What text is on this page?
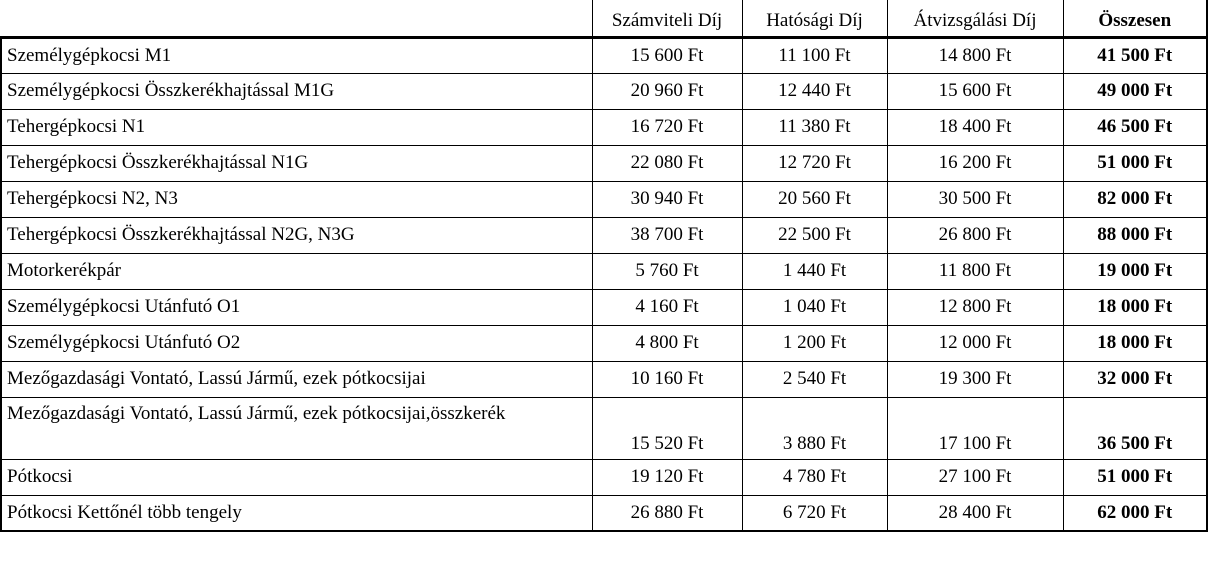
	Számviteli Díj	Hatósági Díj	Átvizsgálási Díj	Összesen
Személygépkocsi M1	15 600 Ft	11 100 Ft	14 800 Ft	41 500 Ft
Személygépkocsi Összkerékhajtással M1G	20 960 Ft	12 440 Ft	15 600 Ft	49 000 Ft
Tehergépkocsi N1	16 720 Ft	11 380 Ft	18 400 Ft	46 500 Ft
Tehergépkocsi Összkerékhajtással N1G	22 080 Ft	12 720 Ft	16 200 Ft	51 000 Ft
Tehergépkocsi N2, N3	30 940 Ft	20 560 Ft	30 500 Ft	82 000 Ft
Tehergépkocsi Összkerékhajtással N2G, N3G	38 700 Ft	22 500 Ft	26 800 Ft	88 000 Ft
Motorkerékpár	5 760 Ft	1 440 Ft	11 800 Ft	19 000 Ft
Személygépkocsi Utánfutó O1	4 160 Ft	1 040 Ft	12 800 Ft	18 000 Ft
Személygépkocsi Utánfutó O2	4 800 Ft	1 200 Ft	12 000 Ft	18 000 Ft
Mezőgazdasági Vontató, Lassú Jármű, ezek pótkocsijai	10 160 Ft	2 540 Ft	19 300 Ft	32 000 Ft
Mezőgazdasági Vontató, Lassú Jármű, ezek pótkocsijai,összkerék	15 520 Ft	3 880 Ft	17 100 Ft	36 500 Ft
Pótkocsi	19 120 Ft	4 780 Ft	27 100 Ft	51 000 Ft
Pótkocsi Kettőnél több tengely	26 880 Ft	6 720 Ft	28 400 Ft	62 000 Ft
